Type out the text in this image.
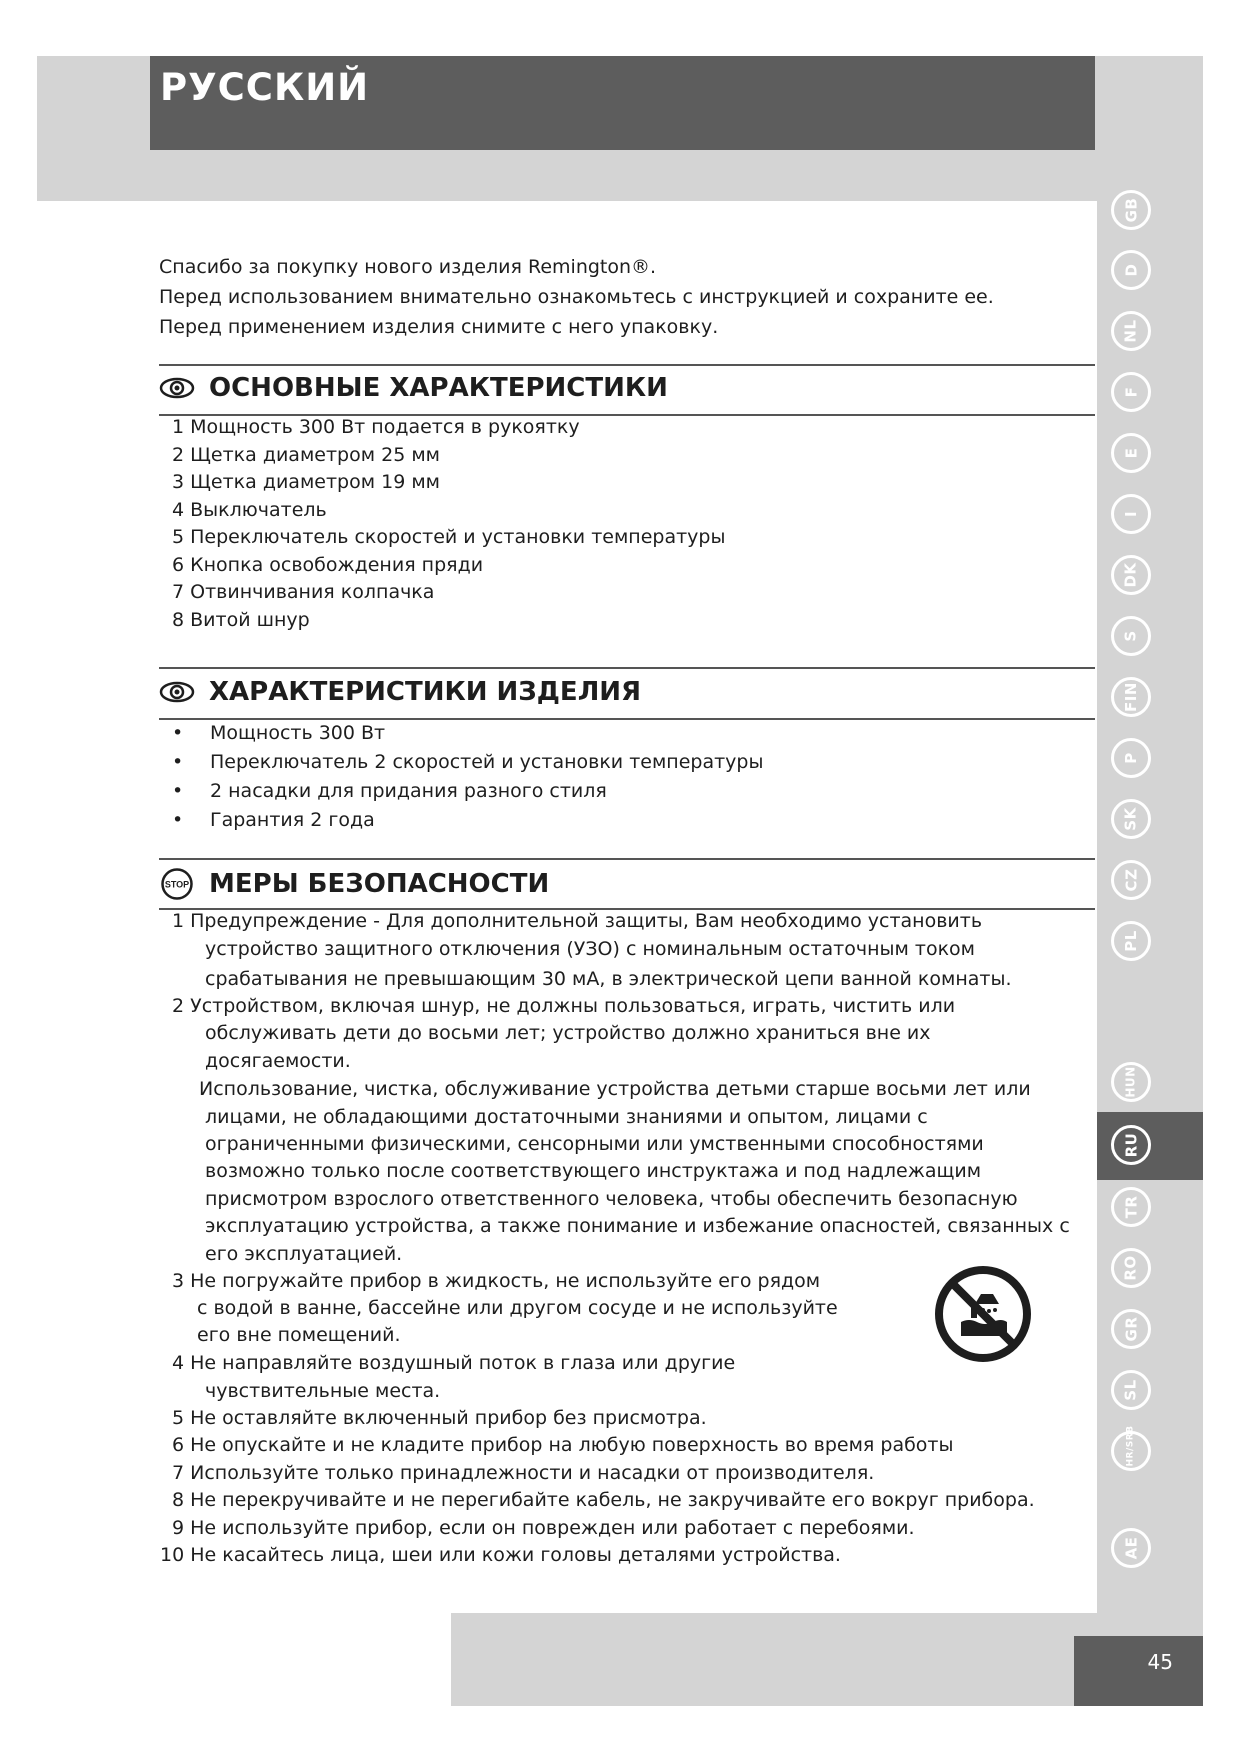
РУССКИЙ
45
GB
D
NL
F
E
I
DK
S
FIN
P
SK
CZ
PL
HUN
RU
TR
RO
GR
SL
HR/SRB
AE

Спасибо за покупку нового изделия Remington®.

Перед использованием внимательно ознакомьтесь с инструкцией и сохраните ее.

Перед применением изделия снимите с него упаковку.

ОСНОВНЫЕ ХАРАКТЕРИСТИКИ
1 Мощность 300 Вт подается в рукоятку
2 Щетка диаметром 25 мм
3 Щетка диаметром 19 мм
4 Выключатель
5 Переключатель скоростей и установки температуры
6 Кнопка освобождения пряди
7 Отвинчивания колпачка
8 Витой шнур
ХАРАКТЕРИСТИКИ ИЗДЕЛИЯ
• Мощность 300 Вт
• Переключатель 2 скоростей и установки температуры
• 2 насадки для придания разного стиля
• Гарантия 2 года
STOP МЕРЫ БЕЗОПАСНОСТИ
1 Предупреждение - Для дополнительной защиты, Вам необходимо установить
устройство защитного отключения (УЗО) с номинальным остаточным током
срабатывания не превышающим 30 мА, в электрической цепи ванной комнаты.
2 Устройством, включая шнур, не должны пользоваться, играть, чистить или
обслуживать дети до восьми лет; устройство должно храниться вне их
досягаемости.
Использование, чистка, обслуживание устройства детьми старше восьми лет или
лицами, не обладающими достаточными знаниями и опытом, лицами с
ограниченными физическими, сенсорными или умственными способностями
возможно только после соответствующего инструктажа и под надлежащим
присмотром взрослого ответственного человека, чтобы обеспечить безопасную
эксплуатацию устройства, а также понимание и избежание опасностей, связанных с
его эксплуатацией.
3 Не погружайте прибор в жидкость, не используйте его рядом
с водой в ванне, бассейне или другом сосуде и не используйте
его вне помещений.
4 Не направляйте воздушный поток в глаза или другие
чувствительные места.
5 Не оставляйте включенный прибор без присмотра.
6 Не опускайте и не кладите прибор на любую поверхность во время работы
7 Используйте только принадлежности и насадки от производителя.
8 Не перекручивайте и не перегибайте кабель, не закручивайте его вокруг прибора.
9 Не используйте прибор, если он поврежден или работает с перебоями.
10 Не касайтесь лица, шеи или кожи головы деталями устройства.
